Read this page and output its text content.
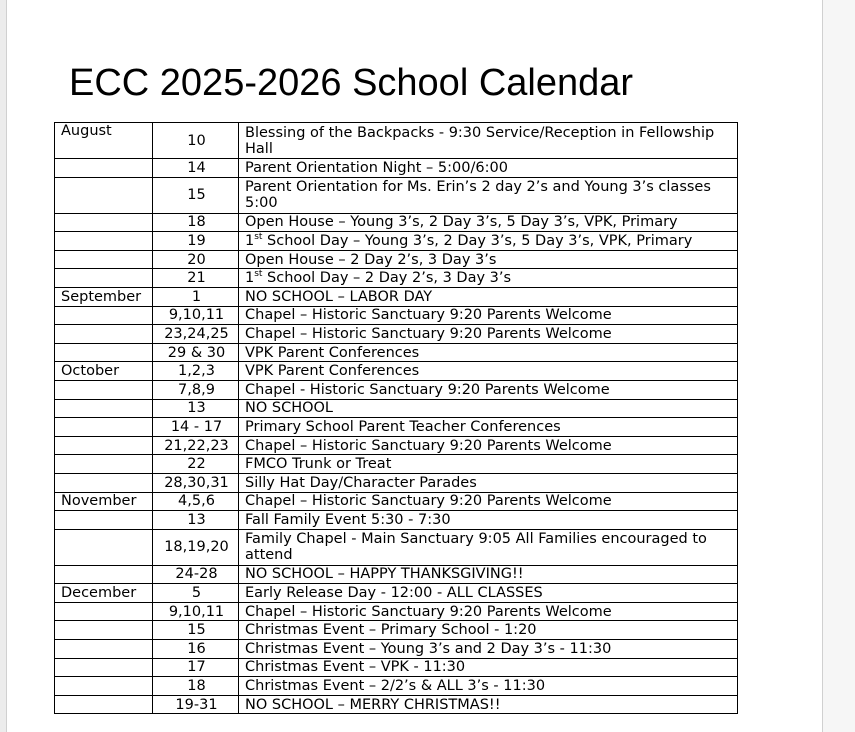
ECC 2025-2026 School Calendar
August	10	Blessing of the Backpacks - 9:30 Service/Reception in Fellowship Hall
	14	Parent Orientation Night – 5:00/6:00
	15	Parent Orientation for Ms. Erin’s 2 day 2’s and Young 3’s classes 5:00
	18	Open House – Young 3’s, 2 Day 3’s, 5 Day 3’s, VPK, Primary
	19	1st School Day – Young 3’s, 2 Day 3’s, 5 Day 3’s, VPK, Primary
	20	Open House – 2 Day 2’s, 3 Day 3’s
	21	1st School Day – 2 Day 2’s, 3 Day 3’s
September	1	NO SCHOOL – LABOR DAY
	9,10,11	Chapel – Historic Sanctuary 9:20 Parents Welcome
	23,24,25	Chapel – Historic Sanctuary 9:20 Parents Welcome
	29 & 30	VPK Parent Conferences
October	1,2,3	VPK Parent Conferences
	7,8,9	Chapel - Historic Sanctuary 9:20 Parents Welcome
	13	NO SCHOOL
	14 - 17	Primary School Parent Teacher Conferences
	21,22,23	Chapel – Historic Sanctuary 9:20 Parents Welcome
	22	FMCO Trunk or Treat
	28,30,31	Silly Hat Day/Character Parades
November	4,5,6	Chapel – Historic Sanctuary 9:20 Parents Welcome
	13	Fall Family Event 5:30 - 7:30
	18,19,20	Family Chapel - Main Sanctuary 9:05 All Families encouraged to attend
	24-28	NO SCHOOL – HAPPY THANKSGIVING!!
December	5	Early Release Day - 12:00 - ALL CLASSES
	9,10,11	Chapel – Historic Sanctuary 9:20 Parents Welcome
	15	Christmas Event – Primary School - 1:20
	16	Christmas Event – Young 3’s and 2 Day 3’s - 11:30
	17	Christmas Event – VPK - 11:30
	18	Christmas Event – 2/2’s & ALL 3’s - 11:30
	19-31	NO SCHOOL – MERRY CHRISTMAS!!
